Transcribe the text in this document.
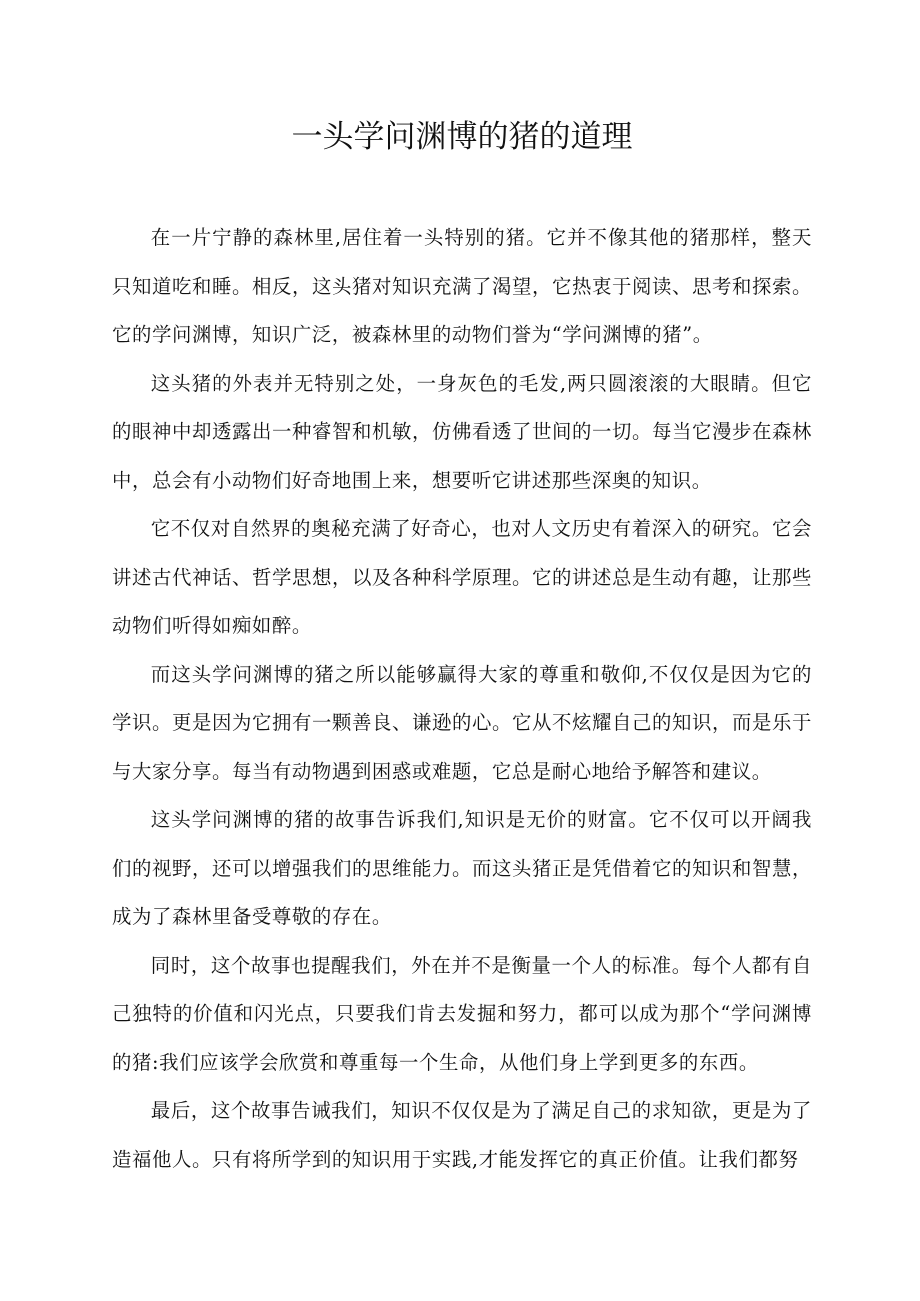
一头学问渊博的猪的道理

在一片宁静的森林里,居住着一头特别的猪。它并不像其他的猪那样，整天只知道吃和睡。相反，这头猪对知识充满了渴望，它热衷于阅读、思考和探索。它的学问渊博，知识广泛，被森林里的动物们誉为“学问渊博的猪”。

这头猪的外表并无特别之处，一身灰色的毛发,两只圆滚滚的大眼睛。但它的眼神中却透露出一种睿智和机敏，仿佛看透了世间的一切。每当它漫步在森林中，总会有小动物们好奇地围上来，想要听它讲述那些深奥的知识。

它不仅对自然界的奥秘充满了好奇心，也对人文历史有着深入的研究。它会讲述古代神话、哲学思想，以及各种科学原理。它的讲述总是生动有趣，让那些动物们听得如痴如醉。

而这头学问渊博的猪之所以能够赢得大家的尊重和敬仰,不仅仅是因为它的学识。更是因为它拥有一颗善良、谦逊的心。它从不炫耀自己的知识，而是乐于与大家分享。每当有动物遇到困惑或难题，它总是耐心地给予解答和建议。

这头学问渊博的猪的故事告诉我们,知识是无价的财富。它不仅可以开阔我们的视野，还可以增强我们的思维能力。而这头猪正是凭借着它的知识和智慧，成为了森林里备受尊敬的存在。

同时，这个故事也提醒我们，外在并不是衡量一个人的标准。每个人都有自己独特的价值和闪光点，只要我们肯去发掘和努力，都可以成为那个“学问渊博的猪:我们应该学会欣赏和尊重每一个生命，从他们身上学到更多的东西。

最后，这个故事告诫我们，知识不仅仅是为了满足自己的求知欲，更是为了造福他人。只有将所学到的知识用于实践,才能发挥它的真正价值。让我们都努
